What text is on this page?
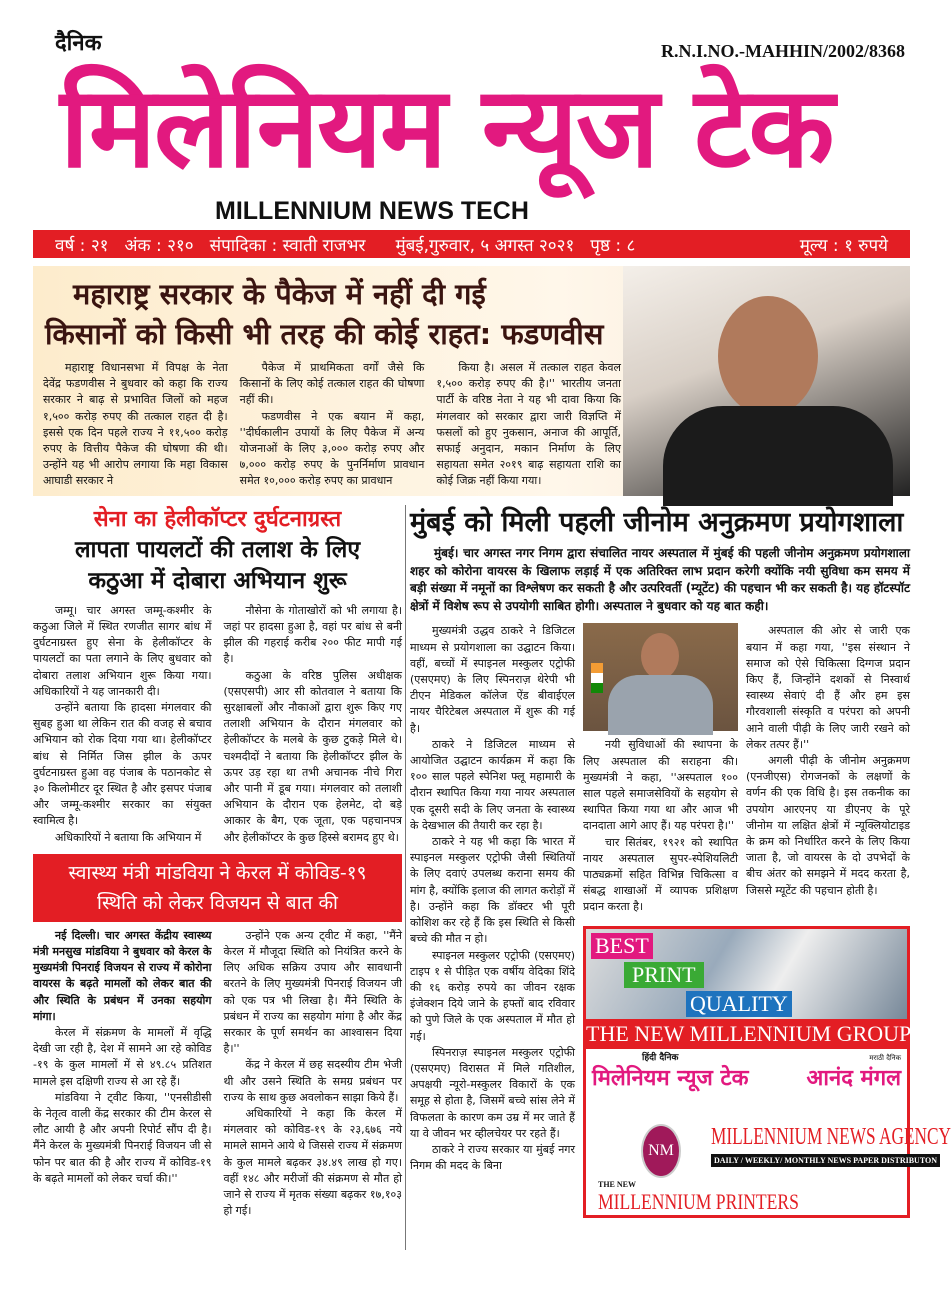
दैनिक	R.N.I.NO.-MAHHIN/2002/8368
मिलेनियम न्यूज टेक
MILLENNIUM NEWS TECH
वर्ष : २१ अंक : २१० संपादिका : स्वाती राजभर मुंबई,गुरुवार, ५ अगस्त २०२१ पृष्ठ : ८	मूल्य : १ रुपये
महाराष्ट्र सरकार के पैकेज में नहीं दी गई
किसानों को किसी भी तरह की कोई राहत: फडणवीस

महाराष्ट्र विधानसभा में विपक्ष के नेता देवेंद्र फडणवीस ने बुधवार को कहा कि राज्य सरकार ने बाढ़ से प्रभावित जिलों को महज १,५०० करोड़ रुपए की तत्काल राहत दी है। इससे एक दिन पहले राज्य ने ११,५०० करोड़ रुपए के वित्तीय पैकेज की घोषणा की थी। उन्होंने यह भी आरोप लगाया कि महा विकास आघाडी सरकार ने

पैकेज में प्राथमिकता वर्गों जैसे कि किसानों के लिए कोई तत्काल राहत की घोषणा नहीं की।

फडणवीस ने एक बयान में कहा, ''दीर्घकालीन उपायों के लिए पैकेज में अन्य योजनाओं के लिए ३,००० करोड़ रुपए और ७,००० करोड़ रुपए के पुनर्निर्माण प्रावधान समेत १०,००० करोड़ रुपए का प्रावधान

किया है। असल में तत्काल राहत केवल १,५०० करोड़ रुपए की है।'' भारतीय जनता पार्टी के वरिष्ठ नेता ने यह भी दावा किया कि मंगलवार को सरकार द्वारा जारी विज्ञप्ति में फसलों को हुए नुकसान, अनाज की आपूर्ति, सफाई अनुदान, मकान निर्माण के लिए सहायता समेत २०१९ बाढ़ सहायता राशि का कोई जिक्र नहीं किया गया।

सेना का हेलीकॉप्टर दुर्घटनाग्रस्त
लापता पायलटों की तलाश के लिए
कठुआ में दोबारा अभियान शुरू

जम्मू। चार अगस्त जम्मू-कश्मीर के कठुआ जिले में स्थित रणजीत सागर बांध में दुर्घटनाग्रस्त हुए सेना के हेलीकॉप्टर के पायलटों का पता लगाने के लिए बुधवार को दोबारा तलाश अभियान शुरू किया गया। अधिकारियों ने यह जानकारी दी।

उन्होंने बताया कि हादसा मंगलवार की सुबह हुआ था लेकिन रात की वजह से बचाव अभियान को रोक दिया गया था। हेलीकॉप्टर बांध से निर्मित जिस झील के ऊपर दुर्घटनाग्रस्त हुआ वह पंजाब के पठानकोट से ३० किलोमीटर दूर स्थित है और इसपर पंजाब और जम्मू-कश्मीर सरकार का संयुक्त स्वामित्व है।

अधिकारियों ने बताया कि अभियान में

नौसेना के गोताखोरों को भी लगाया है। जहां पर हादसा हुआ है, वहां पर बांध से बनी झील की गहराई करीब २०० फीट मापी गई है।

कठुआ के वरिष्ठ पुलिस अधीक्षक (एसएसपी) आर सी कोतवाल ने बताया कि सुरक्षाबलों और नौकाओं द्वारा शुरू किए गए तलाशी अभियान के दौरान मंगलवार को हेलीकॉप्टर के मलबे के कुछ टुकड़े मिले थे। चश्मदीदों ने बताया कि हेलीकॉप्टर झील के ऊपर उड़ रहा था तभी अचानक नीचे गिरा और पानी में डूब गया। मंगलवार को तलाशी अभियान के दौरान एक हेलमेट, दो बड़े आकार के बैग, एक जूता, एक पहचानपत्र और हेलीकॉप्टर के कुछ हिस्से बरामद हुए थे।

स्वास्थ्य मंत्री मांडविया ने केरल में कोविड-१९
स्थिति को लेकर विजयन से बात की

नई दिल्ली। चार अगस्त केंद्रीय स्वास्थ्य मंत्री मनसुख मांडविया ने बुधवार को केरल के मुख्यमंत्री पिनराई विजयन से राज्य में कोरोना वायरस के बढ़ते मामलों को लेकर बात की और स्थिति के प्रबंधन में उनका सहयोग मांगा।

केरल में संक्रमण के मामलों में वृद्धि देखी जा रही है, देश में सामने आ रहे कोविड -१९ के कुल मामलों में से ४९.८५ प्रतिशत मामले इस दक्षिणी राज्य से आ रहे हैं।

मांडविया ने ट्वीट किया, ''एनसीडीसी के नेतृत्व वाली केंद्र सरकार की टीम केरल से लौट आयी है और अपनी रिपोर्ट सौंप दी है। मैंने केरल के मुख्यमंत्री पिनराई विजयन जी से फोन पर बात की है और राज्य में कोविड-१९ के बढ़ते मामलों को लेकर चर्चा की।''

उन्होंने एक अन्य ट्वीट में कहा, ''मैंने केरल में मौजूदा स्थिति को नियंत्रित करने के लिए अधिक सक्रिय उपाय और सावधानी बरतने के लिए मुख्यमंत्री पिनराई विजयन जी को एक पत्र भी लिखा है। मैंने स्थिति के प्रबंधन में राज्य का सहयोग मांगा है और केंद्र सरकार के पूर्ण समर्थन का आश्वासन दिया है।''

केंद्र ने केरल में छह सदस्यीय टीम भेजी थी और उसने स्थिति के समग्र प्रबंधन पर राज्य के साथ कुछ अवलोकन साझा किये हैं।

अधिकारियों ने कहा कि केरल में मंगलवार को कोविड-१९ के २३,६७६ नये मामले सामने आये थे जिससे राज्य में संक्रमण के कुल मामले बढ़कर ३४.४९ लाख हो गए। वहीं १४८ और मरीजों की संक्रमण से मौत हो जाने से राज्य में मृतक संख्या बढ़कर १७,१०३ हो गई।

मुंबई को मिली पहली जीनोम अनुक्रमण प्रयोगशाला

मुंबई। चार अगस्त नगर निगम द्वारा संचालित नायर अस्पताल में मुंबई की पहली जीनोम अनुक्रमण प्रयोगशाला शहर को कोरोना वायरस के खिलाफ लड़ाई में एक अतिरिक्त लाभ प्रदान करेगी क्योंकि नयी सुविधा कम समय में बड़ी संख्या में नमूनों का विश्लेषण कर सकती है और उत्परिवर्ती (म्यूटेंट) की पहचान भी कर सकती है। यह हॉटस्पॉट क्षेत्रों में विशेष रूप से उपयोगी साबित होगी। अस्पताल ने बुधवार को यह बात कही।

मुख्यमंत्री उद्धव ठाकरे ने डिजिटल माध्यम से प्रयोगशाला का उद्घाटन किया। वहीं, बच्चों में स्पाइनल मस्कुलर एट्रोफी (एसएमए) के लिए स्पिनराज़ थेरेपी भी टीएन मेडिकल कॉलेज ऐंड बीवाईएल नायर चैरिटेबल अस्पताल में शुरू की गई है।

ठाकरे ने डिजिटल माध्यम से आयोजित उद्घाटन कार्यक्रम में कहा कि १०० साल पहले स्पेनिश फ्लू महामारी के दौरान स्थापित किया गया नायर अस्पताल एक दूसरी सदी के लिए जनता के स्वास्थ्य के देखभाल की तैयारी कर रहा है।

ठाकरे ने यह भी कहा कि भारत में स्पाइनल मस्कुलर एट्रोफी जैसी स्थितियों के लिए दवाएं उपलब्ध कराना समय की मांग है, क्योंकि इलाज की लागत करोड़ों में है। उन्होंने कहा कि डॉक्टर भी पूरी कोशिश कर रहे हैं कि इस स्थिति से किसी बच्चे की मौत न हो।

स्पाइनल मस्कुलर एट्रोफी (एसएमए) टाइप १ से पीड़ित एक वर्षीय वेदिका शिंदे की १६ करोड़ रुपये का जीवन रक्षक इंजेक्शन दिये जाने के हफ्तों बाद रविवार को पुणे जिले के एक अस्पताल में मौत हो गई।

स्पिनराज़ स्पाइनल मस्कुलर एट्रोफी (एसएमए) विरासत में मिले गतिशील, अपक्षयी न्यूरो-मस्कुलर विकारों के एक समूह से होता है, जिसमें बच्चे सांस लेने में विफलता के कारण कम उम्र में मर जाते हैं या वे जीवन भर व्हीलचेयर पर रहते हैं।

ठाकरे ने राज्य सरकार या मुंबई नगर निगम की मदद के बिना

नयी सुविधाओं की स्थापना के लिए अस्पताल की सराहना की। मुख्यमंत्री ने कहा, ''अस्पताल १०० साल पहले समाजसेवियों के सहयोग से स्थापित किया गया था और आज भी दानदाता आगे आए हैं। यह परंपरा है।''

चार सितंबर, १९२१ को स्थापित नायर अस्पताल सुपर-स्पेशियलिटी पाठ्यक्रमों सहित विभिन्न चिकित्सा व संबद्ध शाखाओं में व्यापक प्रशिक्षण प्रदान करता है।

अस्पताल की ओर से जारी एक बयान में कहा गया, ''इस संस्थान ने समाज को ऐसे चिकित्सा दिग्गज प्रदान किए हैं, जिन्होंने दशकों से निस्वार्थ स्वास्थ्य सेवाएं दी हैं और हम इस गौरवशाली संस्कृति व परंपरा को अपनी आने वाली पीढ़ी के लिए जारी रखने को लेकर तत्पर हैं।''

अगली पीढ़ी के जीनोम अनुक्रमण (एनजीएस) रोगजनकों के लक्षणों के वर्णन की एक विधि है। इस तकनीक का उपयोग आरएनए या डीएनए के पूरे जीनोम या लक्षित क्षेत्रों में न्यूक्लियोटाइड के क्रम को निर्धारित करने के लिए किया जाता है, जो वायरस के दो उपभेदों के बीच अंतर को समझने में मदद करता है, जिससे म्यूटेंट की पहचान होती है।

BEST
PRINT
QUALITY
THE NEW MILLENNIUM GROUP
हिंदी दैनिक
मिलेनियम न्यूज टेक
मराठी दैनिक
आनंद मंगल
NM
MILLENNIUM NEWS AGENCY
DAILY / WEEKLY/ MONTHLY NEWS PAPER DISTRIBUTON
THE NEW
MILLENNIUM PRINTERS
